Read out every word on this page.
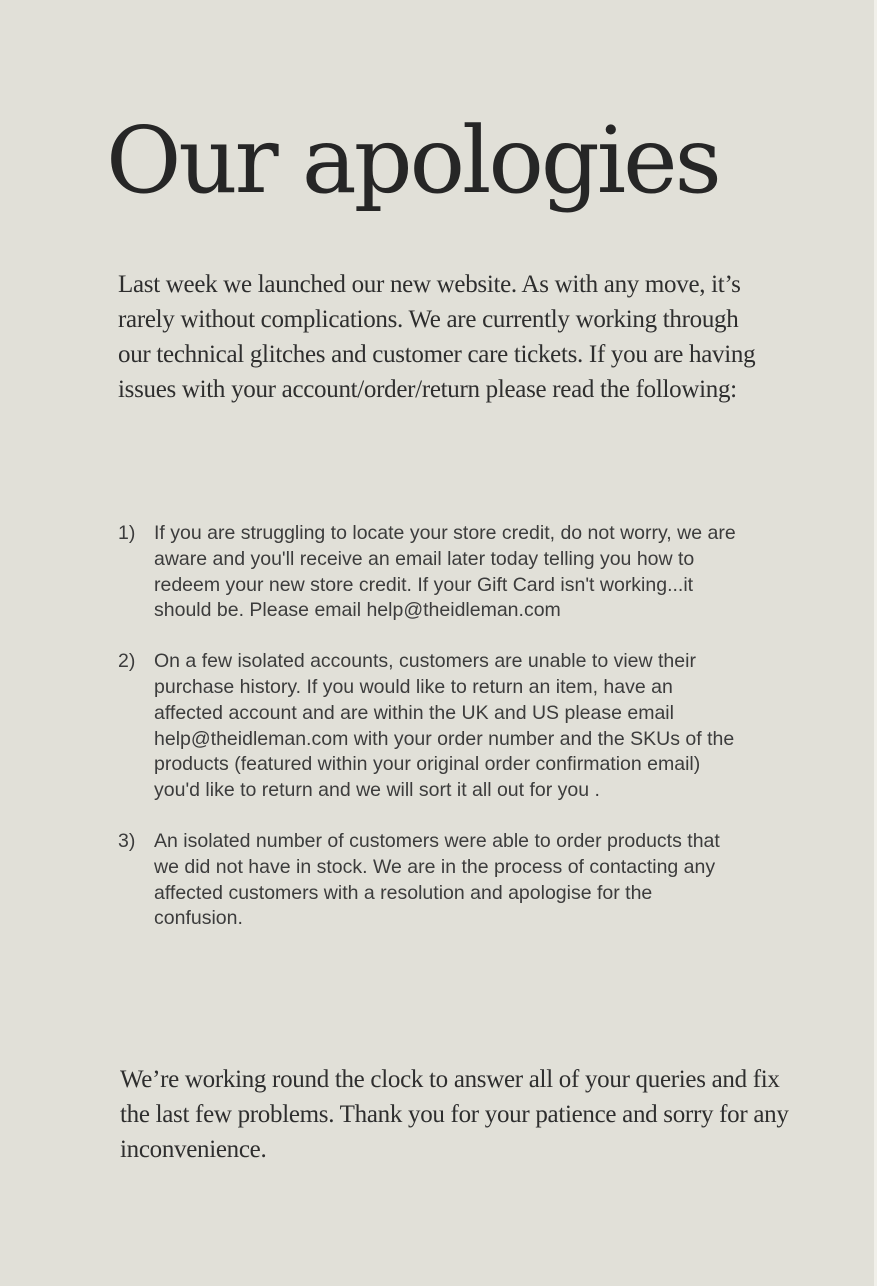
Our apologies

Last week we launched our new website. As with any move, it’s rarely without complications. We are currently working through our technical glitches and customer care tickets. If you are having issues with your account/order/return please read the following:

1) If you are struggling to locate your store credit, do not worry, we are aware and you'll receive an email later today telling you how to redeem your new store credit. If your Gift Card isn't working...it should be. Please email help@theidleman.com
2) On a few isolated accounts, customers are unable to view their purchase history. If you would like to return an item, have an affected account and are within the UK and US please email help@theidleman.com with your order number and the SKUs of the products (featured within your original order confirmation email) you'd like to return and we will sort it all out for you .
3) An isolated number of customers were able to order products that we did not have in stock. We are in the process of contacting any affected customers with a resolution and apologise for the confusion.

We’re working round the clock to answer all of your queries and fix the last few problems. Thank you for your patience and sorry for any inconvenience.
